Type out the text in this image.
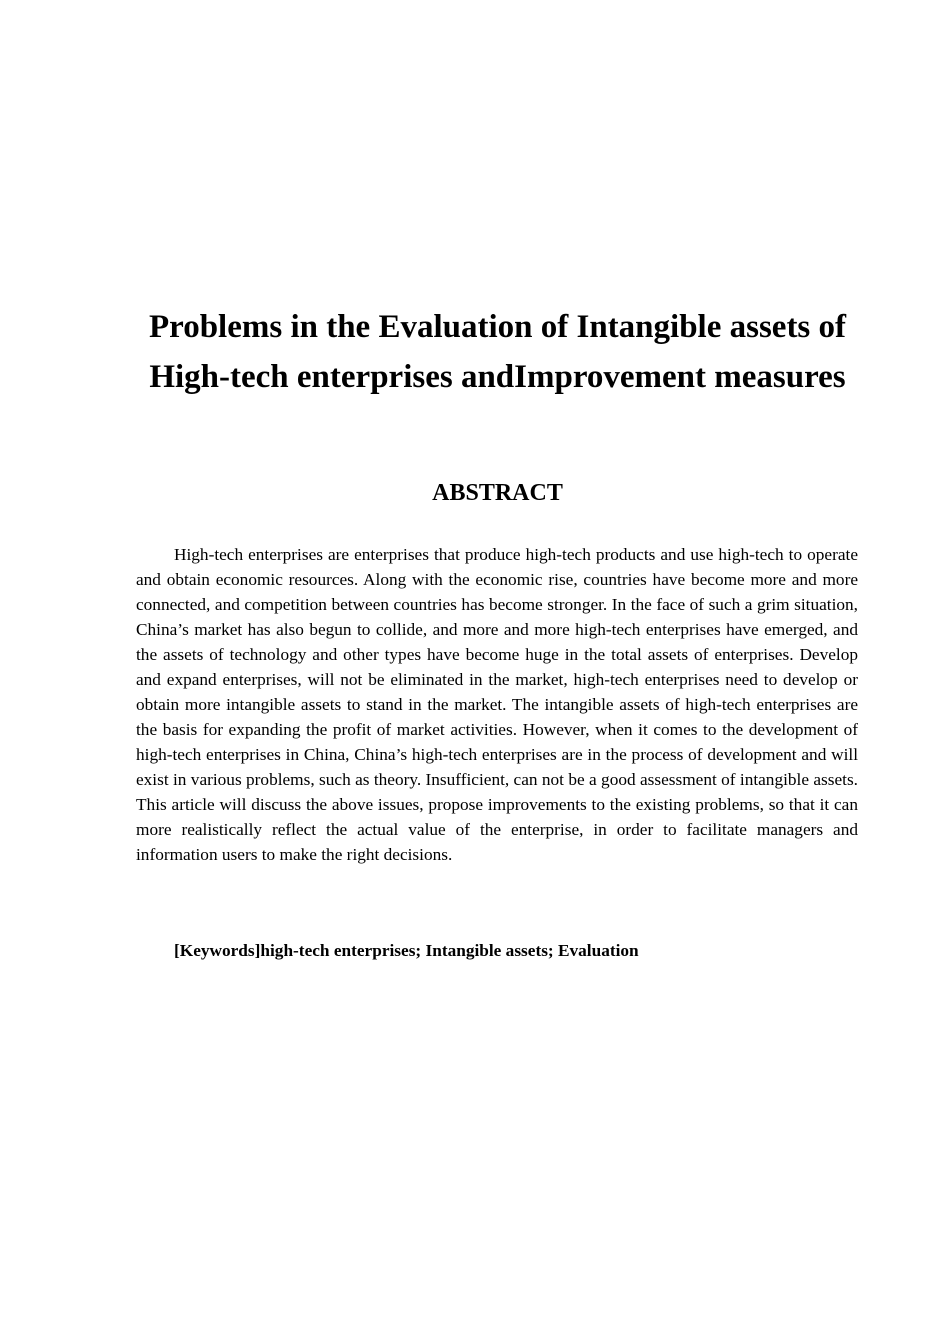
Problems in the Evaluation of Intangible assets of High-tech enterprises andImprovement measures
ABSTRACT

High-tech enterprises are enterprises that produce high-tech products and use high-tech to operate and obtain economic resources. Along with the economic rise, countries have become more and more connected, and competition between countries has become stronger. In the face of such a grim situation, China’s market has also begun to collide, and more and more high-tech enterprises have emerged, and the assets of technology and other types have become huge in the total assets of enterprises. Develop and expand enterprises, will not be eliminated in the market, high-tech enterprises need to develop or obtain more intangible assets to stand in the market. The intangible assets of high-tech enterprises are the basis for expanding the profit of market activities. However, when it comes to the development of high-tech enterprises in China, China’s high-tech enterprises are in the process of development and will exist in various problems, such as theory. Insufficient, can not be a good assessment of intangible assets. This article will discuss the above issues, propose improvements to the existing problems, so that it can more realistically reflect the actual value of the enterprise, in order to facilitate managers and information users to make the right decisions.

[Keywords]high-tech enterprises; Intangible assets; Evaluation
